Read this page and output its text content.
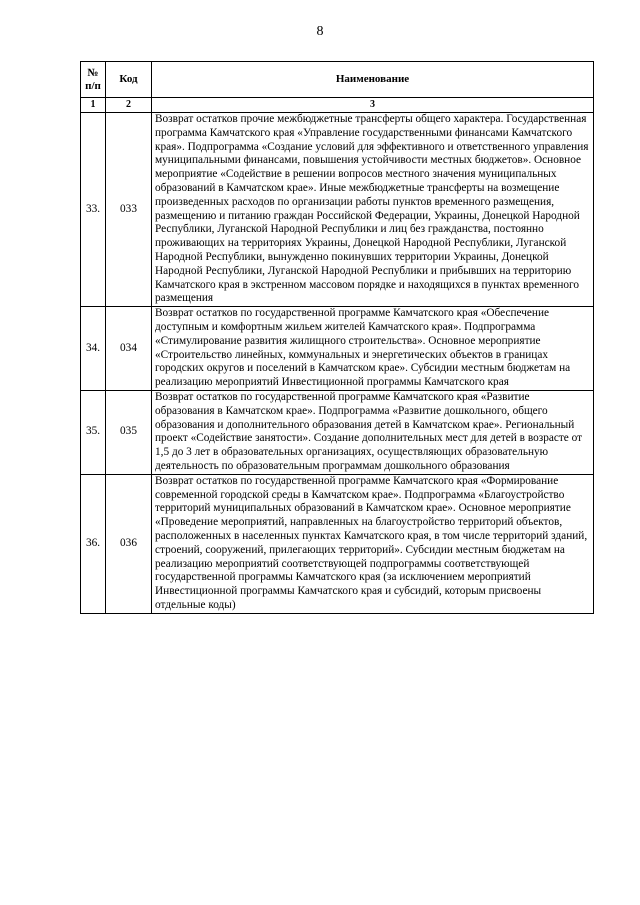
8
№ п/п	Код	Наименование
1	2	3
33.	033	Возврат остатков прочие межбюджетные трансферты общего характера. Государственная программа Камчатского края «Управление государственными финансами Камчатского края». Подпрограмма «Создание условий для эффективного и ответственного управления муниципальными финансами, повышения устойчивости местных бюджетов». Основное мероприятие «Содействие в решении вопросов местного значения муниципальных образований в Камчатском крае». Иные межбюджетные трансферты на возмещение произведенных расходов по организации работы пунктов временного размещения, размещению и питанию граждан Российской Федерации, Украины, Донецкой Народной Республики, Луганской Народной Республики и лиц без гражданства, постоянно проживающих на территориях Украины, Донецкой Народной Республики, Луганской Народной Республики, вынужденно покинувших территории Украины, Донецкой Народной Республики, Луганской Народной Республики и прибывших на территорию Камчатского края в экстренном массовом порядке и находящихся в пунктах временного размещения
34.	034	Возврат остатков по государственной программе Камчатского края «Обеспечение доступным и комфортным жильем жителей Камчатского края». Подпрограмма «Стимулирование развития жилищного строительства». Основное мероприятие «Строительство линейных, коммунальных и энергетических объектов в границах городских округов и поселений в Камчатском крае». Субсидии местным бюджетам на реализацию мероприятий Инвестиционной программы Камчатского края
35.	035	Возврат остатков по государственной программе Камчатского края «Развитие образования в Камчатском крае». Подпрограмма «Развитие дошкольного, общего образования и дополнительного образования детей в Камчатском крае». Региональный проект «Содействие занятости». Создание дополнительных мест для детей в возрасте от 1,5 до 3 лет в образовательных организациях, осуществляющих образовательную деятельность по образовательным программам дошкольного образования
36.	036	Возврат остатков по государственной программе Камчатского края «Формирование современной городской среды в Камчатском крае». Подпрограмма «Благоустройство территорий муниципальных образований в Камчатском крае». Основное мероприятие «Проведение мероприятий, направленных на благоустройство территорий объектов, расположенных в населенных пунктах Камчатского края, в том числе территорий зданий, строений, сооружений, прилегающих территорий». Субсидии местным бюджетам на реализацию мероприятий соответствующей подпрограммы соответствующей государственной программы Камчатского края (за исключением мероприятий Инвестиционной программы Камчатского края и субсидий, которым присвоены отдельные коды)
